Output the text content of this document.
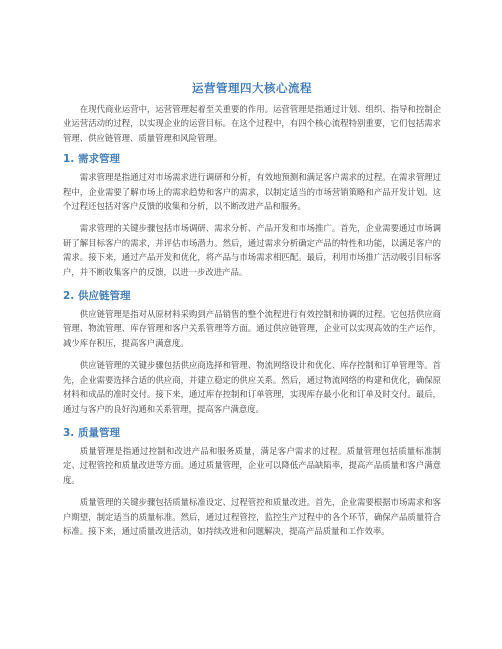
运营管理四大核心流程

在现代商业运营中，运营管理起着至关重要的作用。运营管理是指通过计划、组织、指导和控制企业运营活动的过程，以实现企业的运营目标。在这个过程中，有四个核心流程特别重要，它们包括需求管理、供应链管理、质量管理和风险管理。

1. 需求管理

需求管理是指通过对市场需求进行调研和分析，有效地预测和满足客户需求的过程。在需求管理过程中，企业需要了解市场上的需求趋势和客户的需求，以制定适当的市场营销策略和产品开发计划。这个过程还包括对客户反馈的收集和分析，以不断改进产品和服务。

需求管理的关键步骤包括市场调研、需求分析、产品开发和市场推广。首先，企业需要通过市场调研了解目标客户的需求，并评估市场潜力。然后，通过需求分析确定产品的特性和功能，以满足客户的需求。接下来，通过产品开发和优化，将产品与市场需求相匹配。最后，利用市场推广活动吸引目标客户，并不断收集客户的反馈，以进一步改进产品。

2. 供应链管理

供应链管理是指对从原材料采购到产品销售的整个流程进行有效控制和协调的过程。它包括供应商管理、物流管理、库存管理和客户关系管理等方面。通过供应链管理，企业可以实现高效的生产运作，减少库存积压，提高客户满意度。

供应链管理的关键步骤包括供应商选择和管理、物流网络设计和优化、库存控制和订单管理等。首先，企业需要选择合适的供应商，并建立稳定的供应关系。然后，通过物流网络的构建和优化，确保原材料和成品的准时交付。接下来，通过库存控制和订单管理，实现库存最小化和订单及时交付。最后，通过与客户的良好沟通和关系管理，提高客户满意度。

3. 质量管理

质量管理是指通过控制和改进产品和服务质量，满足客户需求的过程。质量管理包括质量标准制定、过程管控和质量改进等方面。通过质量管理，企业可以降低产品缺陷率，提高产品质量和客户满意度。

质量管理的关键步骤包括质量标准设定、过程管控和质量改进。首先，企业需要根据市场需求和客户期望，制定适当的质量标准。然后，通过过程管控，监控生产过程中的各个环节，确保产品质量符合标准。接下来，通过质量改进活动，如持续改进和问题解决，提高产品质量和工作效率。
